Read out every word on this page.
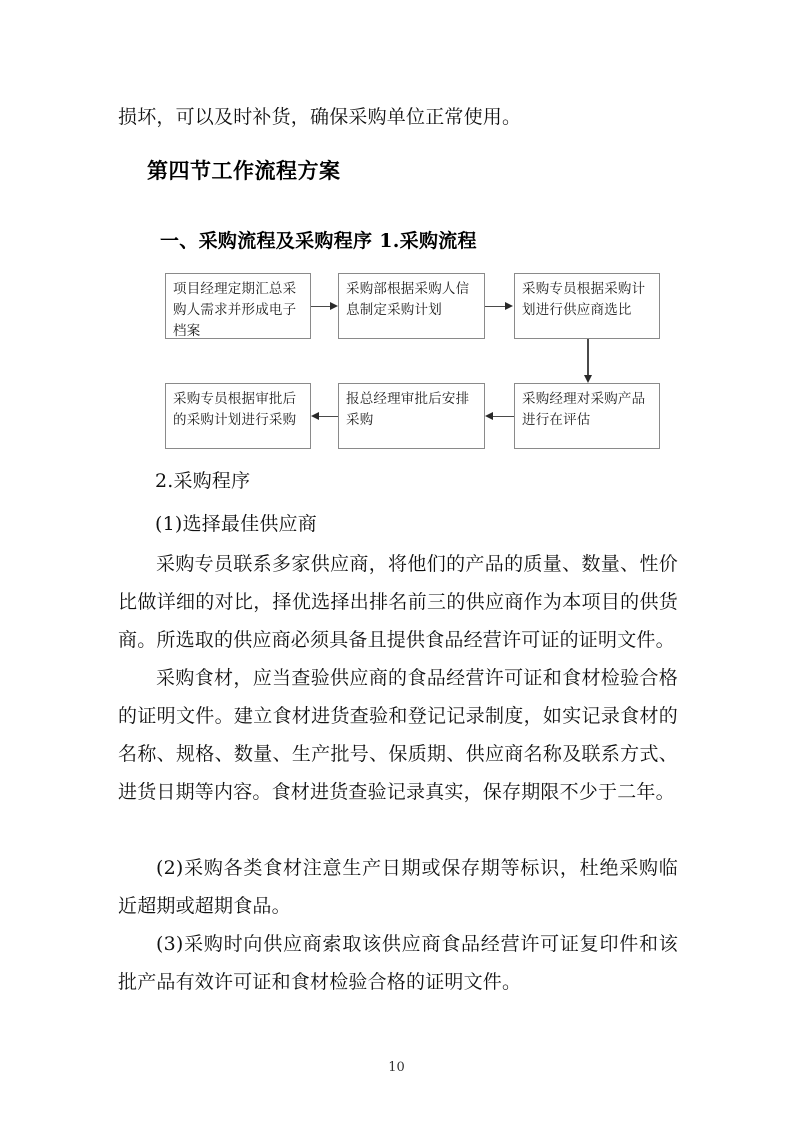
损坏，可以及时补货，确保采购单位正常使用。
第四节工作流程方案
一、采购流程及采购程序 1.采购流程
项目经理定期汇总采购人需求并形成电子档案
采购部根据采购人信息制定采购计划
采购专员根据采购计划进行供应商选比
采购专员根据审批后的采购计划进行采购
报总经理审批后安排采购
采购经理对采购产品进行在评估
2.采购程序
(1)选择最佳供应商
采购专员联系多家供应商，将他们的产品的质量、数量、性价比做详细的对比，择优选择出排名前三的供应商作为本项目的供货商。所选取的供应商必须具备且提供食品经营许可证的证明文件。
采购食材，应当查验供应商的食品经营许可证和食材检验合格的证明文件。建立食材进货查验和登记记录制度，如实记录食材的名称、规格、数量、生产批号、保质期、供应商名称及联系方式、进货日期等内容。食材进货查验记录真实，保存期限不少于二年。
(2)采购各类食材注意生产日期或保存期等标识，杜绝采购临近超期或超期食品。
(3)采购时向供应商索取该供应商食品经营许可证复印件和该批产品有效许可证和食材检验合格的证明文件。
10
